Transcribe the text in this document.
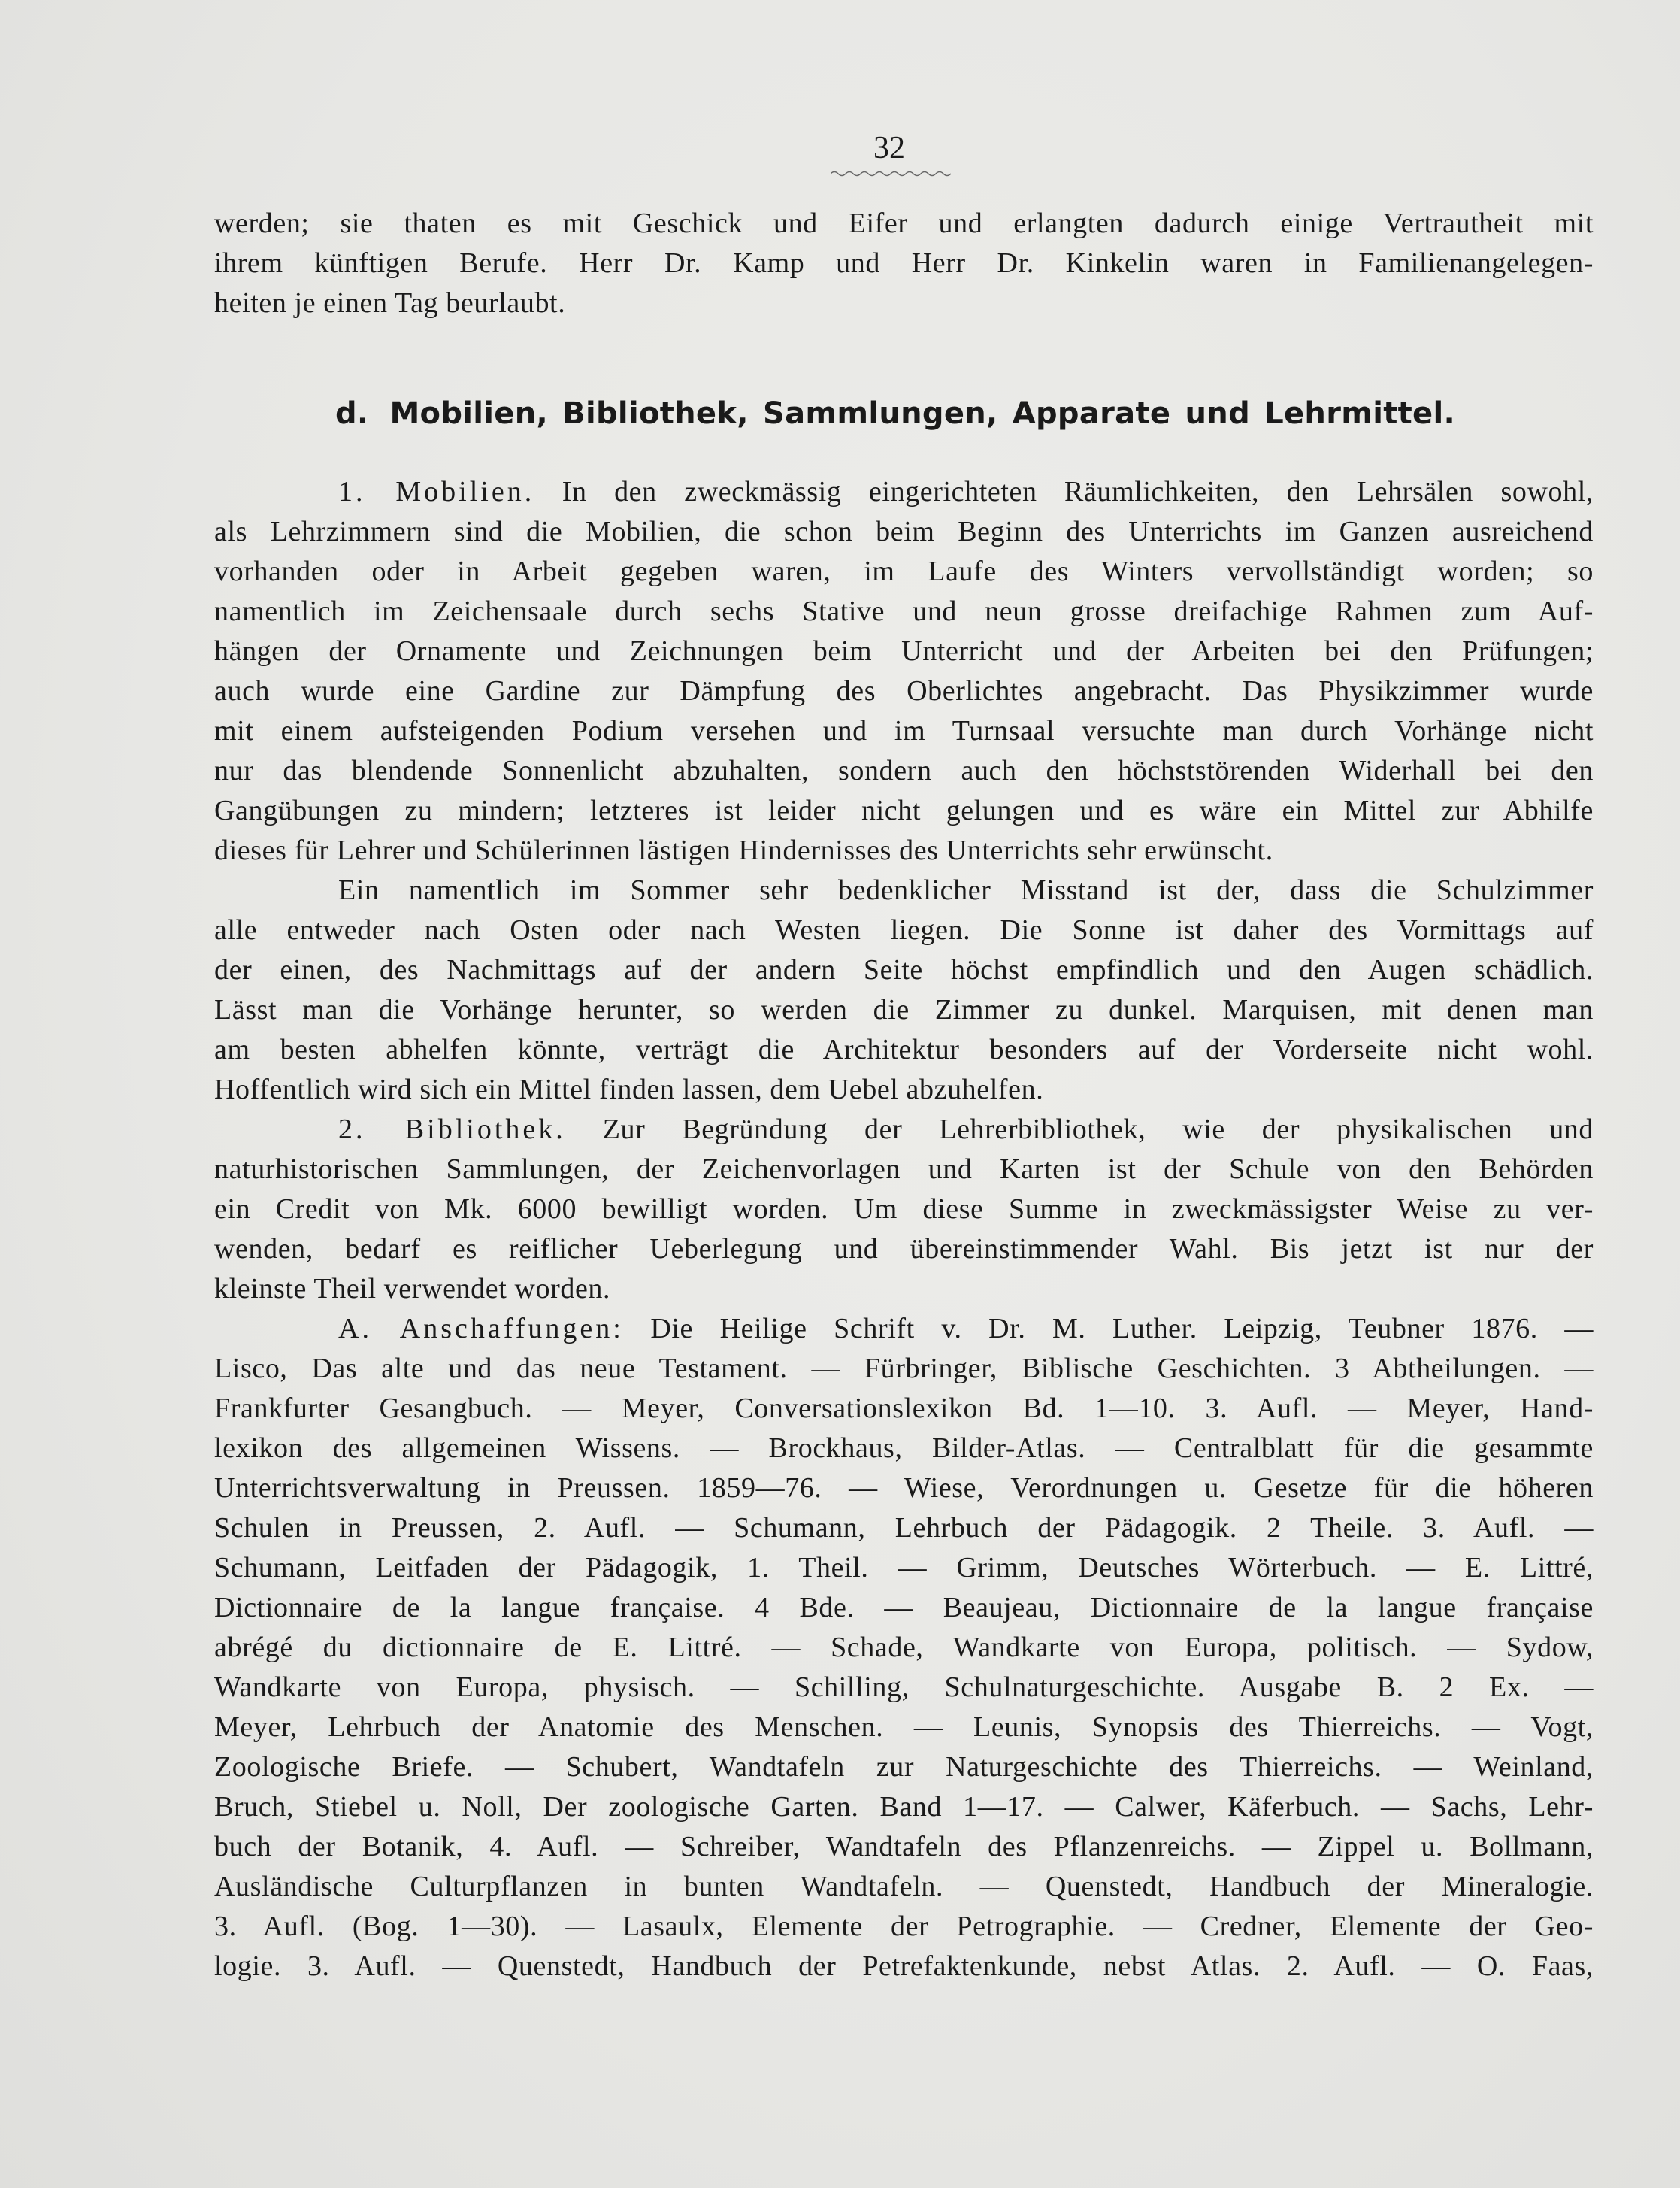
32
werden; sie thaten es mit Geschick und Eifer und erlangten dadurch einige Vertrautheit mit
ihrem künftigen Berufe. Herr Dr. Kamp und Herr Dr. Kinkelin waren in Familienangelegen-
heiten je einen Tag beurlaubt.
d. Mobilien, Bibliothek, Sammlungen, Apparate und Lehrmittel.
1. Mobilien. In den zweckmässig eingerichteten Räumlichkeiten, den Lehrsälen sowohl,
als Lehrzimmern sind die Mobilien, die schon beim Beginn des Unterrichts im Ganzen ausreichend
vorhanden oder in Arbeit gegeben waren, im Laufe des Winters vervollständigt worden; so
namentlich im Zeichensaale durch sechs Stative und neun grosse dreifachige Rahmen zum Auf-
hängen der Ornamente und Zeichnungen beim Unterricht und der Arbeiten bei den Prüfungen;
auch wurde eine Gardine zur Dämpfung des Oberlichtes angebracht. Das Physikzimmer wurde
mit einem aufsteigenden Podium versehen und im Turnsaal versuchte man durch Vorhänge nicht
nur das blendende Sonnenlicht abzuhalten, sondern auch den höchststörenden Widerhall bei den
Gangübungen zu mindern; letzteres ist leider nicht gelungen und es wäre ein Mittel zur Abhilfe
dieses für Lehrer und Schülerinnen lästigen Hindernisses des Unterrichts sehr erwünscht.
Ein namentlich im Sommer sehr bedenklicher Misstand ist der, dass die Schulzimmer
alle entweder nach Osten oder nach Westen liegen. Die Sonne ist daher des Vormittags auf
der einen, des Nachmittags auf der andern Seite höchst empfindlich und den Augen schädlich.
Lässt man die Vorhänge herunter, so werden die Zimmer zu dunkel. Marquisen, mit denen man
am besten abhelfen könnte, verträgt die Architektur besonders auf der Vorderseite nicht wohl.
Hoffentlich wird sich ein Mittel finden lassen, dem Uebel abzuhelfen.
2. Bibliothek. Zur Begründung der Lehrerbibliothek, wie der physikalischen und
naturhistorischen Sammlungen, der Zeichenvorlagen und Karten ist der Schule von den Behörden
ein Credit von Mk. 6000 bewilligt worden. Um diese Summe in zweckmässigster Weise zu ver-
wenden, bedarf es reiflicher Ueberlegung und übereinstimmender Wahl. Bis jetzt ist nur der
kleinste Theil verwendet worden.
A. Anschaffungen: Die Heilige Schrift v. Dr. M. Luther. Leipzig, Teubner 1876. —
Lisco, Das alte und das neue Testament. — Fürbringer, Biblische Geschichten. 3 Abtheilungen. —
Frankfurter Gesangbuch. — Meyer, Conversationslexikon Bd. 1—10. 3. Aufl. — Meyer, Hand-
lexikon des allgemeinen Wissens. — Brockhaus, Bilder-Atlas. — Centralblatt für die gesammte
Unterrichtsverwaltung in Preussen. 1859—76. — Wiese, Verordnungen u. Gesetze für die höheren
Schulen in Preussen, 2. Aufl. — Schumann, Lehrbuch der Pädagogik. 2 Theile. 3. Aufl. —
Schumann, Leitfaden der Pädagogik, 1. Theil. — Grimm, Deutsches Wörterbuch. — E. Littré,
Dictionnaire de la langue française. 4 Bde. — Beaujeau, Dictionnaire de la langue française
abrégé du dictionnaire de E. Littré. — Schade, Wandkarte von Europa, politisch. — Sydow,
Wandkarte von Europa, physisch. — Schilling, Schulnaturgeschichte. Ausgabe B. 2 Ex. —
Meyer, Lehrbuch der Anatomie des Menschen. — Leunis, Synopsis des Thierreichs. — Vogt,
Zoologische Briefe. — Schubert, Wandtafeln zur Naturgeschichte des Thierreichs. — Weinland,
Bruch, Stiebel u. Noll, Der zoologische Garten. Band 1—17. — Calwer, Käferbuch. — Sachs, Lehr-
buch der Botanik, 4. Aufl. — Schreiber, Wandtafeln des Pflanzenreichs. — Zippel u. Bollmann,
Ausländische Culturpflanzen in bunten Wandtafeln. — Quenstedt, Handbuch der Mineralogie.
3. Aufl. (Bog. 1—30). — Lasaulx, Elemente der Petrographie. — Credner, Elemente der Geo-
logie. 3. Aufl. — Quenstedt, Handbuch der Petrefaktenkunde, nebst Atlas. 2. Aufl. — O. Faas,
